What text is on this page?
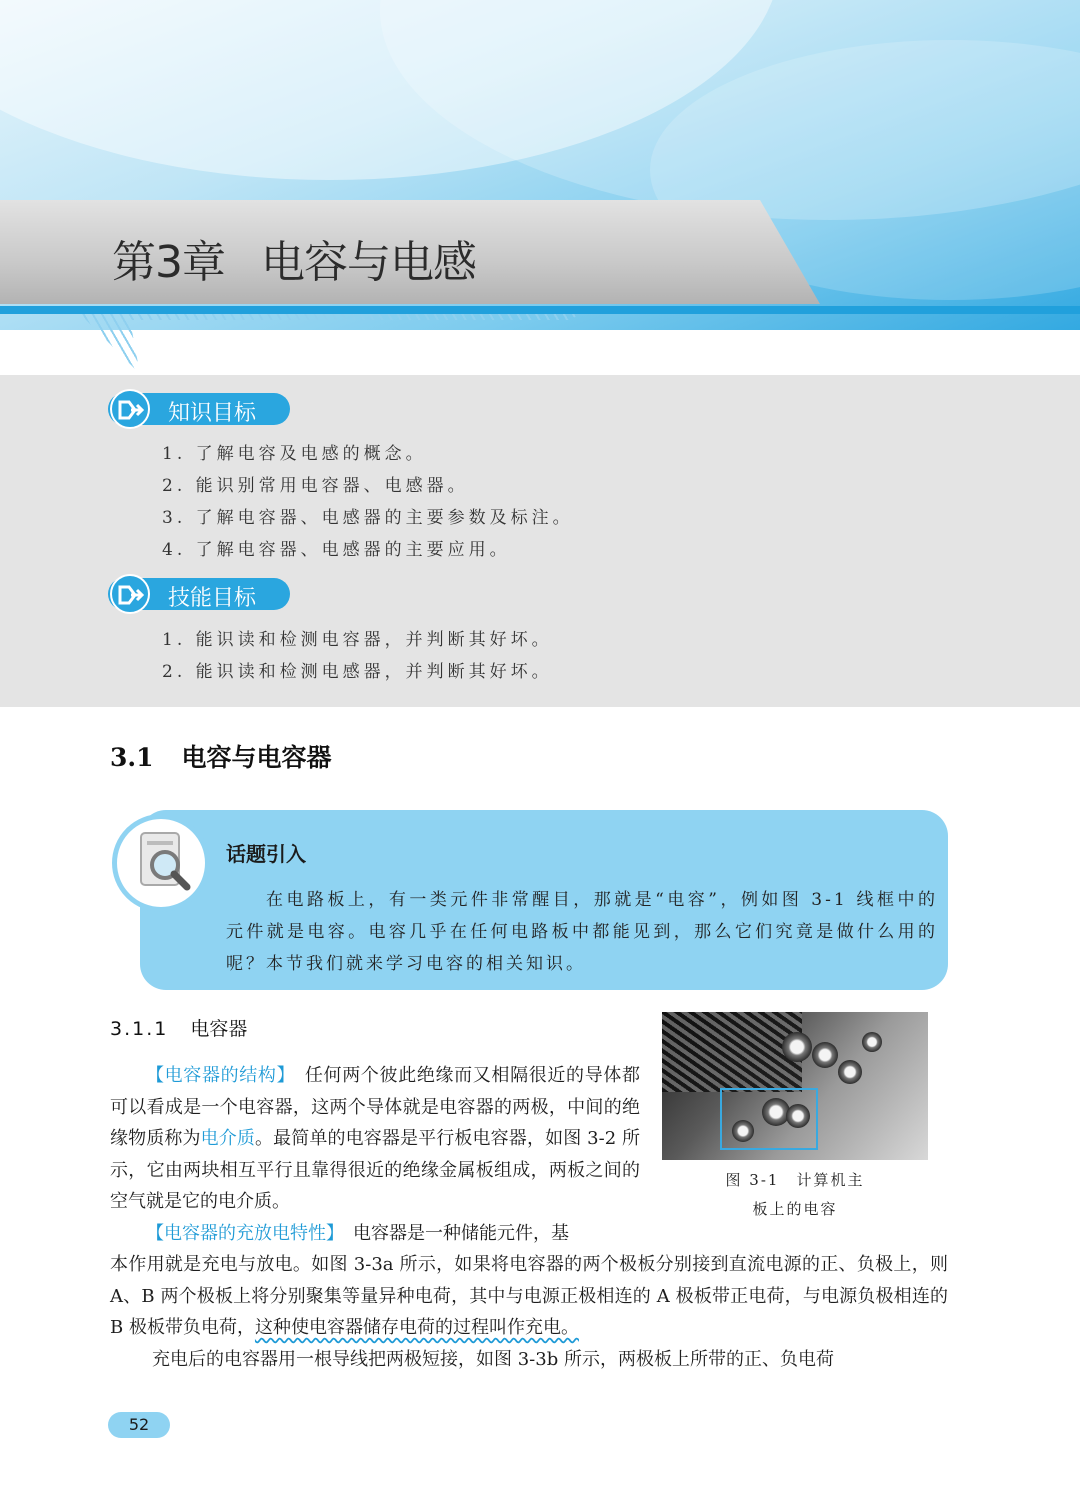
第3章 电容与电感
知识目标
1. 了解电容及电感的概念。
2. 能识别常用电容器、电感器。
3. 了解电容器、电感器的主要参数及标注。
4. 了解电容器、电感器的主要应用。
技能目标
1. 能识读和检测电容器，并判断其好坏。
2. 能识读和检测电感器，并判断其好坏。
3.1 电容与电容器
话题引入

在电路板上，有一类元件非常醒目，那就是“电容”，例如图 3-1 线框中的元件就是电容。电容几乎在任何电路板中都能见到，那么它们究竟是做什么用的呢？本节我们就来学习电容的相关知识。

3.1.1 电容器

图 3-1　计算机主
板上的电容

【电容器的结构】　 任何两个彼此绝缘而又相隔很近的导体都可以看成是一个电容器，这两个导体就是电容器的两极，中间的绝缘物质称为电介质。最简单的电容器是平行板电容器，如图 3-2 所示，它由两块相互平行且靠得很近的绝缘金属板组成，两板之间的空气就是它的电介质。

【电容器的充放电特性】　 电容器是一种储能元件，基

本作用就是充电与放电。如图 3-3a 所示，如果将电容器的两个极板分别接到直流电源的正、负极上，则 A、B 两个极板上将分别聚集等量异种电荷，其中与电源正极相连的 A 极板带正电荷，与电源负极相连的 B 极板带负电荷，这种使电容器储存电荷的过程叫作充电。

充电后的电容器用一根导线把两极短接，如图 3-3b 所示，两极板上所带的正、负电荷

52
